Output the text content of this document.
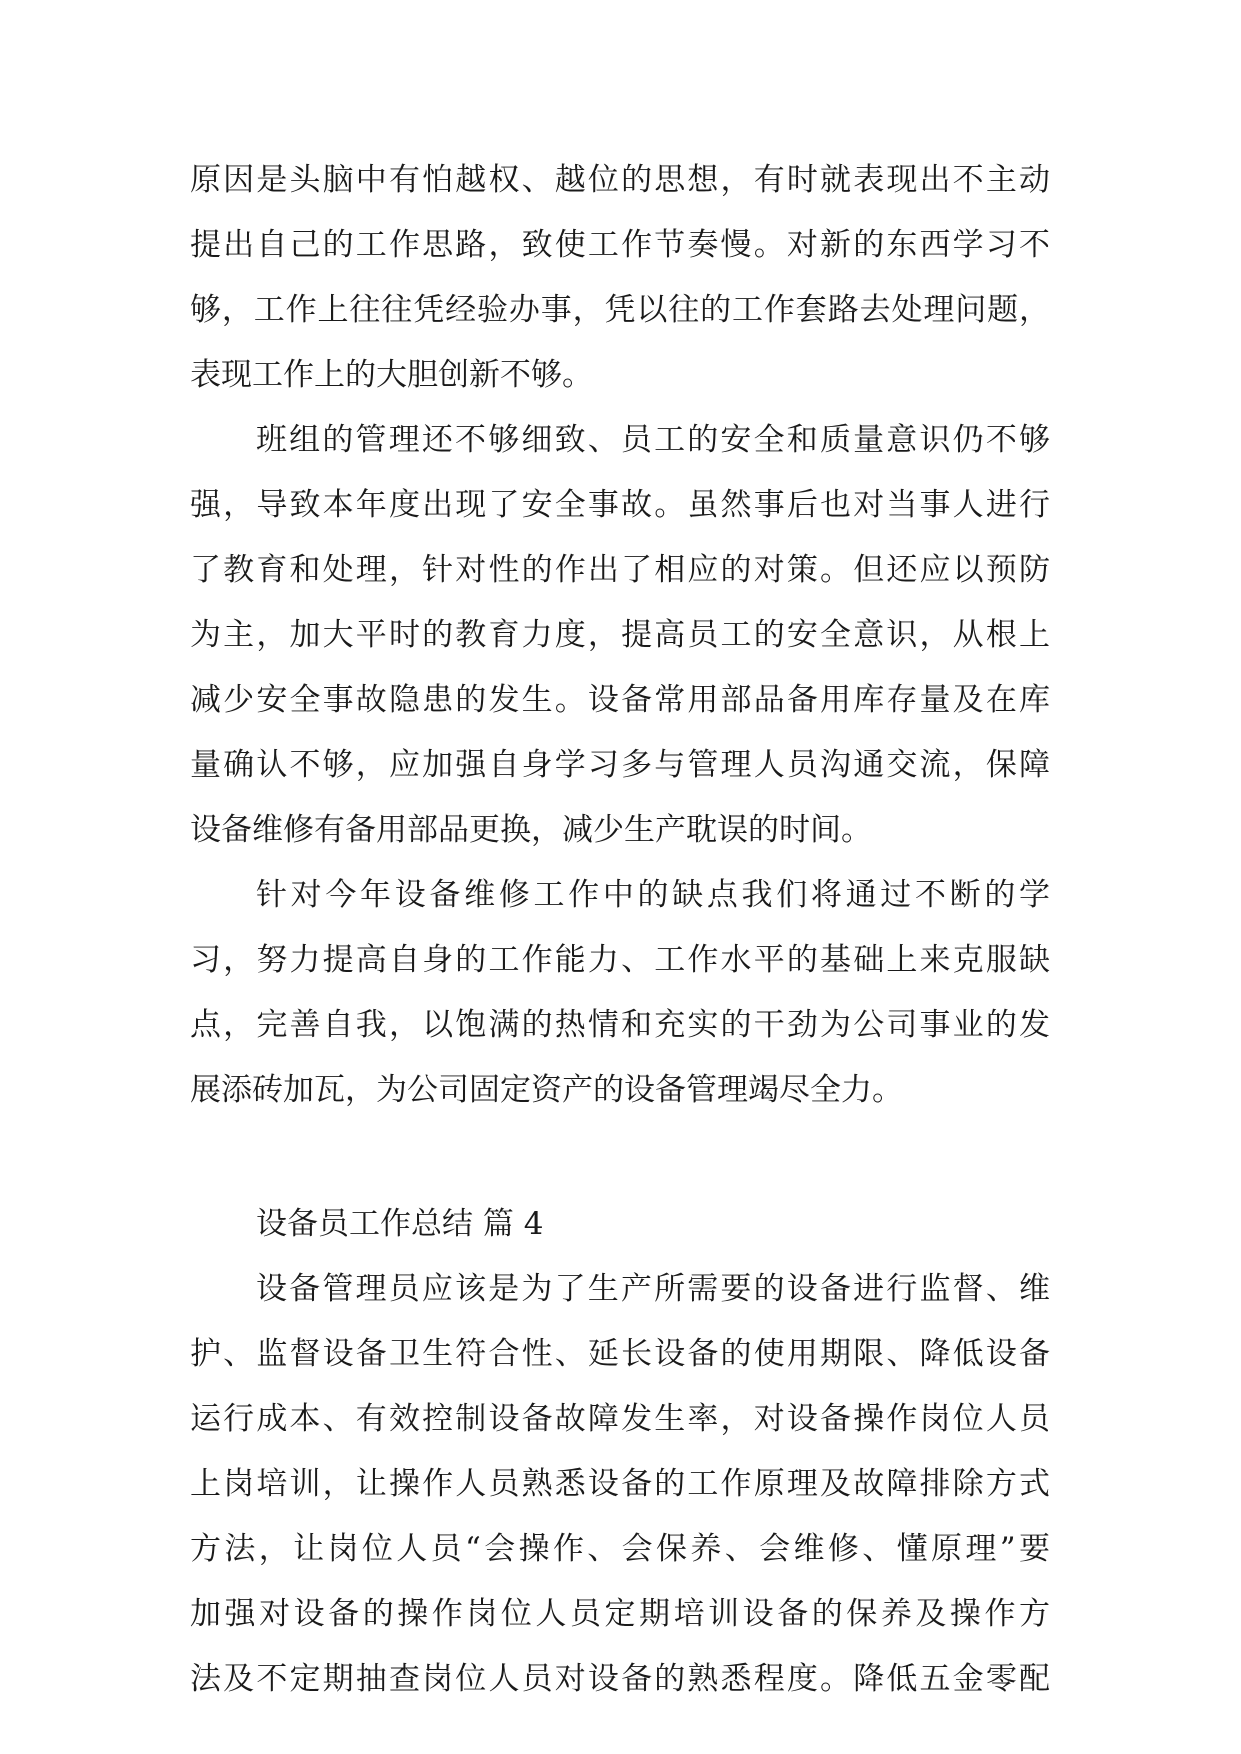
原因是头脑中有怕越权、越位的思想，有时就表现出不主动
提出自己的工作思路，致使工作节奏慢。对新的东西学习不
够，工作上往往凭经验办事，凭以往的工作套路去处理问题，
表现工作上的大胆创新不够。
班组的管理还不够细致、员工的安全和质量意识仍不够
强，导致本年度出现了安全事故。虽然事后也对当事人进行
了教育和处理，针对性的作出了相应的对策。但还应以预防
为主，加大平时的教育力度，提高员工的安全意识，从根上
减少安全事故隐患的发生。设备常用部品备用库存量及在库
量确认不够，应加强自身学习多与管理人员沟通交流，保障
设备维修有备用部品更换，减少生产耽误的时间。
针对今年设备维修工作中的缺点我们将通过不断的学
习，努力提高自身的工作能力、工作水平的基础上来克服缺
点，完善自我，以饱满的热情和充实的干劲为公司事业的发
展添砖加瓦，为公司固定资产的设备管理竭尽全力。
设备员工作总结 篇 4
设备管理员应该是为了生产所需要的设备进行监督、维
护、监督设备卫生符合性、延长设备的使用期限、降低设备
运行成本、有效控制设备故障发生率，对设备操作岗位人员
上岗培训，让操作人员熟悉设备的工作原理及故障排除方式
方法，让岗位人员“会操作、会保养、会维修、懂原理”要
加强对设备的操作岗位人员定期培训设备的保养及操作方
法及不定期抽查岗位人员对设备的熟悉程度。降低五金零配
